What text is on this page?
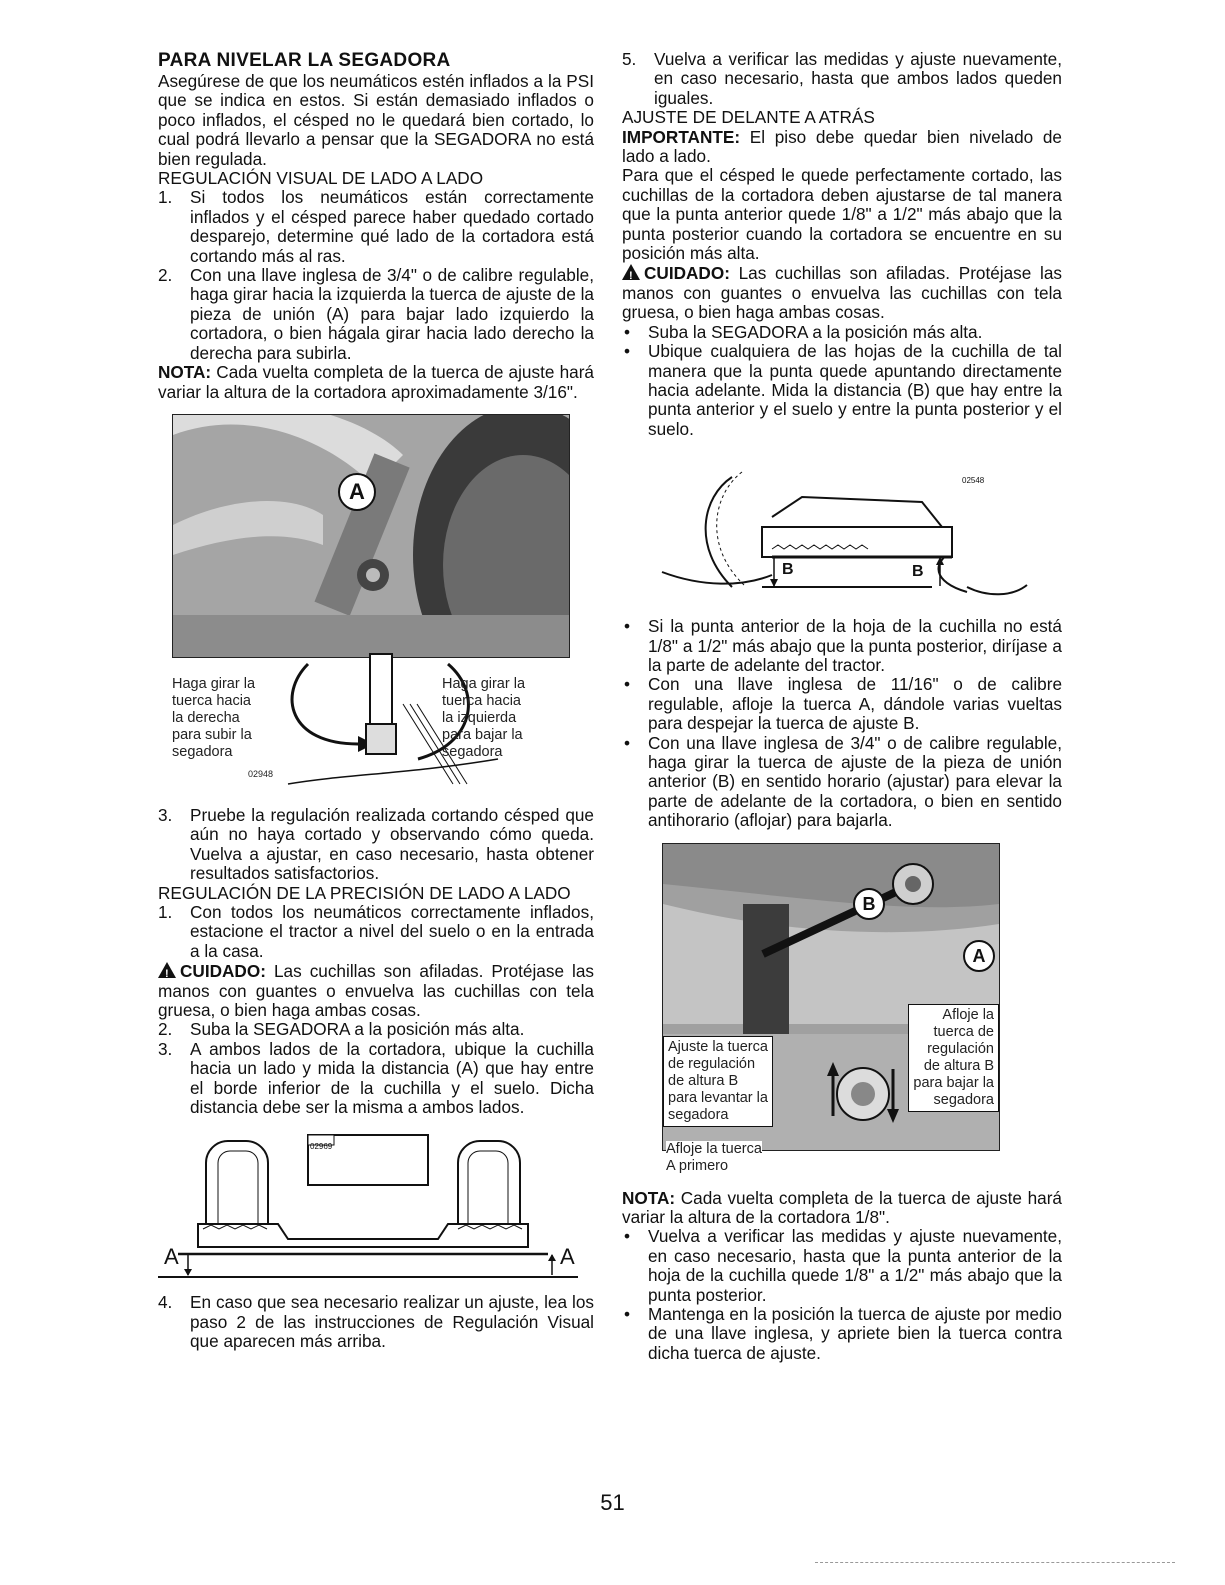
PARA NIVELAR LA SEGADORA

Asegúrese de que los neumáticos estén inflados a la PSI que se indica en estos. Si están demasiado inflados o poco inflados, el césped no le quedará bien cortado, lo cual podrá llevarlo a pensar que la SEGADORA no está bien regulada.

REGULACIÓN VISUAL DE LADO A LADO

1.	Si todos los neumáticos están correctamente inflados y el césped parece haber quedado cortado desparejo, determine qué lado de la cortadora está cortando más al ras.
2.	Con una llave inglesa de 3/4" o de calibre regulable, haga girar hacia la izquierda la tuerca de ajuste de la pieza de unión (A) para bajar lado izquierdo la cortadora, o bien hágala girar hacia lado derecho la derecha para subirla.

NOTA: Cada vuelta completa de la tuerca de ajuste hará variar la altura de la cortadora aproximadamente 3/16".

A
Haga girar la
tuerca hacia
la derecha
para subir la
segadora
Haga girar la
tuerca hacia
la izquierda
para bajar la
segadora
02948
3.	Pruebe la regulación realizada cortando césped que aún no haya cortado y observando cómo queda. Vuelva a ajustar, en caso necesario, hasta obtener resultados satisfactorios.

REGULACIÓN DE LA PRECISIÓN DE LADO A LADO

1.	Con todos los neumáticos correctamente inflados, estacione el tractor a nivel del suelo o en la entrada a la casa.

!CUIDADO: Las cuchillas son afiladas. Protéjase las manos con guantes o envuelva las cuchillas con tela gruesa, o bien haga ambas cosas.

2.	Suba la SEGADORA a la posición más alta.
3.	A ambos lados de la cortadora, ubique la cuchilla hacia un lado y mida la distancia (A) que hay entre el borde inferior de la cuchilla y el suelo. Dicha distancia debe ser la misma a ambos lados.
02969
A	A
4.	En caso que sea necesario realizar un ajuste, lea los paso 2 de las instrucciones de Regulación Visual que aparecen más arriba.
5.	Vuelva a verificar las medidas y ajuste nuevamente, en caso necesario, hasta que ambos lados queden iguales.

AJUSTE DE DELANTE A ATRÁS

IMPORTANTE: El piso debe quedar bien nivelado de lado a lado.

Para que el césped le quede perfectamente cortado, las cuchillas de la cortadora deben ajustarse de tal manera que la punta anterior quede 1/8" a 1/2" más abajo que la punta posterior cuando la cortadora se encuentre en su posición más alta.

!CUIDADO: Las cuchillas son afiladas. Protéjase las manos con guantes o envuelva las cuchillas con tela gruesa, o bien haga ambas cosas.

•	Suba la SEGADORA a la posición más alta.
•	Ubique cualquiera de las hojas de la cuchilla de tal manera que la punta quede apuntando directamente hacia adelante. Mida la distancia (B) que hay entre la punta anterior y el suelo y entre la punta posterior y el suelo.
02548
B	B
•	Si la punta anterior de la hoja de la cuchilla no está 1/8" a 1/2" más abajo que la punta posterior, diríjase a la parte de adelante del tractor.
•	Con una llave inglesa de 11/16" o de calibre regulable, afloje la tuerca A, dándole varias vueltas para despejar la tuerca de ajuste B.
•	Con una llave inglesa de 3/4" o de calibre regulable, haga girar la tuerca de ajuste de la pieza de unión anterior (B) en sentido horario (ajustar) para elevar la parte de adelante de la cortadora, o bien en sentido antihorario (aflojar) para bajarla.
B
A
Ajuste la tuerca
de regulación
de altura B
para levantar la
segadora
Afloje la
tuerca de
regulación
de altura B
para bajar la
segadora
Afloje la tuerca
A primero

NOTA: Cada vuelta completa de la tuerca de ajuste hará variar la altura de la cortadora 1/8".

•	Vuelva a verificar las medidas y ajuste nuevamente, en caso necesario, hasta que la punta anterior de la hoja de la cuchilla quede 1/8" a 1/2" más abajo que la punta posterior.
•	Mantenga en la posición la tuerca de ajuste por medio de una llave inglesa, y apriete bien la tuerca contra dicha tuerca de ajuste.
51
